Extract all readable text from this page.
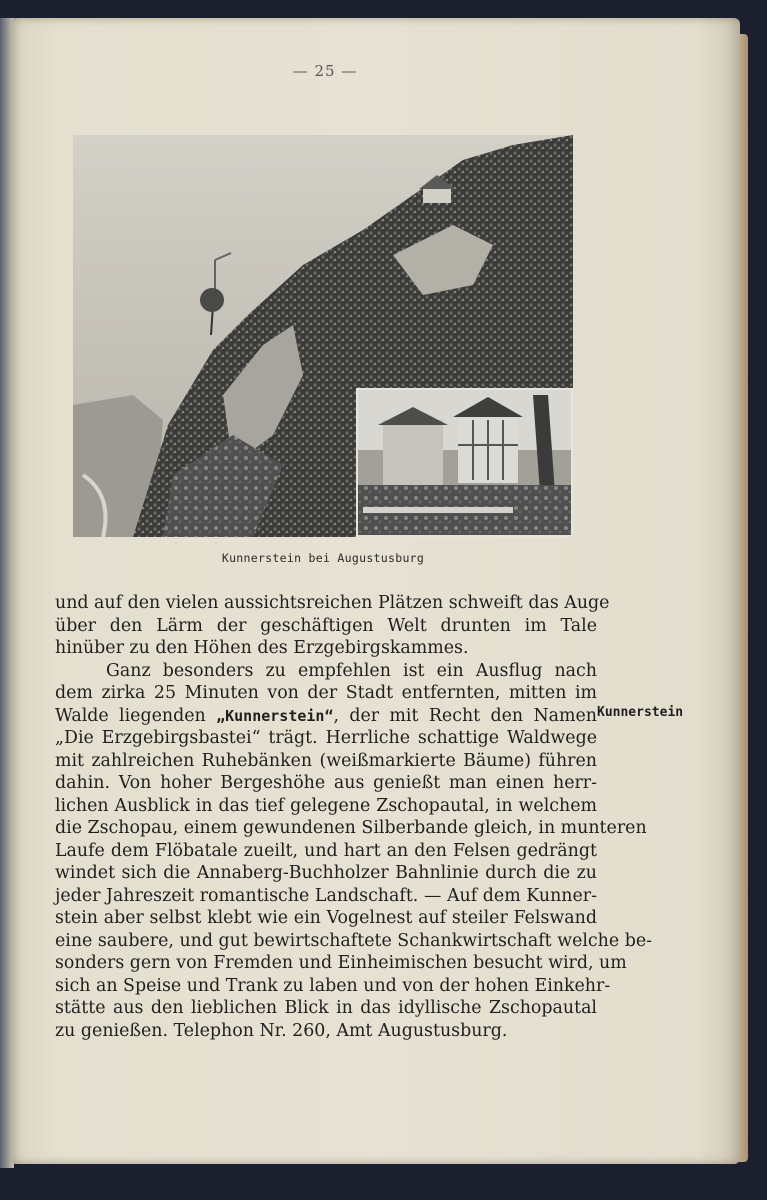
— 25 —
Kunnerstein bei Augustusburg
und auf den vielen aussichtsreichen Plätzen schweift das Auge
über den Lärm der geschäftigen Welt drunten im Tale
hinüber zu den Höhen des Erzgebirgskammes.
Ganz besonders zu empfehlen ist ein Ausflug nach
dem zirka 25 Minuten von der Stadt entfernten, mitten im
Walde liegenden „Kunnerstein“, der mit Recht den Namen
„Die Erzgebirgsbastei“ trägt. Herrliche schattige Waldwege
mit zahlreichen Ruhebänken (weißmarkierte Bäume) führen
dahin. Von hoher Bergeshöhe aus genießt man einen herr-
lichen Ausblick in das tief gelegene Zschopautal, in welchem
die Zschopau, einem gewundenen Silberbande gleich, in munteren
Laufe dem Flöbatale zueilt, und hart an den Felsen gedrängt
windet sich die Annaberg-Buchholzer Bahnlinie durch die zu
jeder Jahreszeit romantische Landschaft. — Auf dem Kunner-
stein aber selbst klebt wie ein Vogelnest auf steiler Felswand
eine saubere, und gut bewirtschaftete Schankwirtschaft welche be-
sonders gern von Fremden und Einheimischen besucht wird, um
sich an Speise und Trank zu laben und von der hohen Einkehr-
stätte aus den lieblichen Blick in das idyllische Zschopautal
zu genießen. Telephon Nr. 260, Amt Augustusburg.
Kunnerstein
